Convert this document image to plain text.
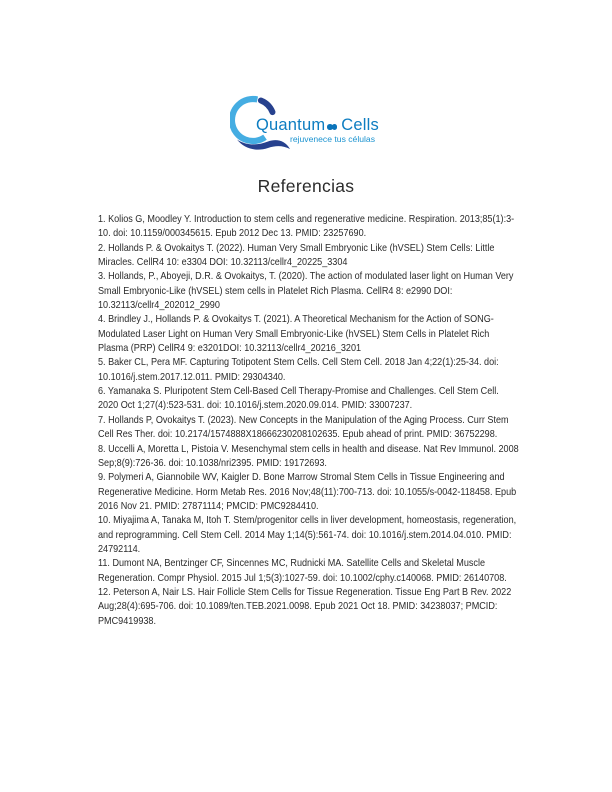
Quantum Cells
rejuvenece tus células
Referencias

1. Kolios G, Moodley Y. Introduction to stem cells and regenerative medicine. Respiration. 2013;85(1):3-10. doi: 10.1159/000345615. Epub 2012 Dec 13. PMID: 23257690.

2. Hollands P. & Ovokaitys T. (2022). Human Very Small Embryonic Like (hVSEL) Stem Cells: Little Miracles. CellR4 10: e3304 DOI: 10.32113/cellr4_20225_3304

3. Hollands, P., Aboyeji, D.R. & Ovokaitys, T. (2020). The action of modulated laser light on Human Very Small Embryonic-Like (hVSEL) stem cells in Platelet Rich Plasma. CellR4 8: e2990 DOI: 10.32113/cellr4_202012_2990

4. Brindley J., Hollands P. & Ovokaitys T. (2021). A Theoretical Mechanism for the Action of SONG-Modulated Laser Light on Human Very Small Embryonic-Like (hVSEL) Stem Cells in Platelet Rich Plasma (PRP) CellR4 9: e3201DOI: 10.32113/cellr4_20216_3201

5. Baker CL, Pera MF. Capturing Totipotent Stem Cells. Cell Stem Cell. 2018 Jan 4;22(1):25-34. doi: 10.1016/j.stem.2017.12.011. PMID: 29304340.

6. Yamanaka S. Pluripotent Stem Cell-Based Cell Therapy-Promise and Challenges. Cell Stem Cell. 2020 Oct 1;27(4):523-531. doi: 10.1016/j.stem.2020.09.014. PMID: 33007237.

7. Hollands P, Ovokaitys T. (2023). New Concepts in the Manipulation of the Aging Process. Curr Stem Cell Res Ther. doi: 10.2174/1574888X18666230208102635. Epub ahead of print. PMID: 36752298.

8. Uccelli A, Moretta L, Pistoia V. Mesenchymal stem cells in health and disease. Nat Rev Immunol. 2008 Sep;8(9):726-36. doi: 10.1038/nri2395. PMID: 19172693.

9. Polymeri A, Giannobile WV, Kaigler D. Bone Marrow Stromal Stem Cells in Tissue Engineering and Regenerative Medicine. Horm Metab Res. 2016 Nov;48(11):700-713. doi: 10.1055/s-0042-118458. Epub 2016 Nov 21. PMID: 27871114; PMCID: PMC9284410.

10. Miyajima A, Tanaka M, Itoh T. Stem/progenitor cells in liver development, homeostasis, regeneration, and reprogramming. Cell Stem Cell. 2014 May 1;14(5):561-74. doi: 10.1016/j.stem.2014.04.010. PMID: 24792114.

11. Dumont NA, Bentzinger CF, Sincennes MC, Rudnicki MA. Satellite Cells and Skeletal Muscle Regeneration. Compr Physiol. 2015 Jul 1;5(3):1027-59. doi: 10.1002/cphy.c140068. PMID: 26140708.

12. Peterson A, Nair LS. Hair Follicle Stem Cells for Tissue Regeneration. Tissue Eng Part B Rev. 2022 Aug;28(4):695-706. doi: 10.1089/ten.TEB.2021.0098. Epub 2021 Oct 18. PMID: 34238037; PMCID: PMC9419938.
